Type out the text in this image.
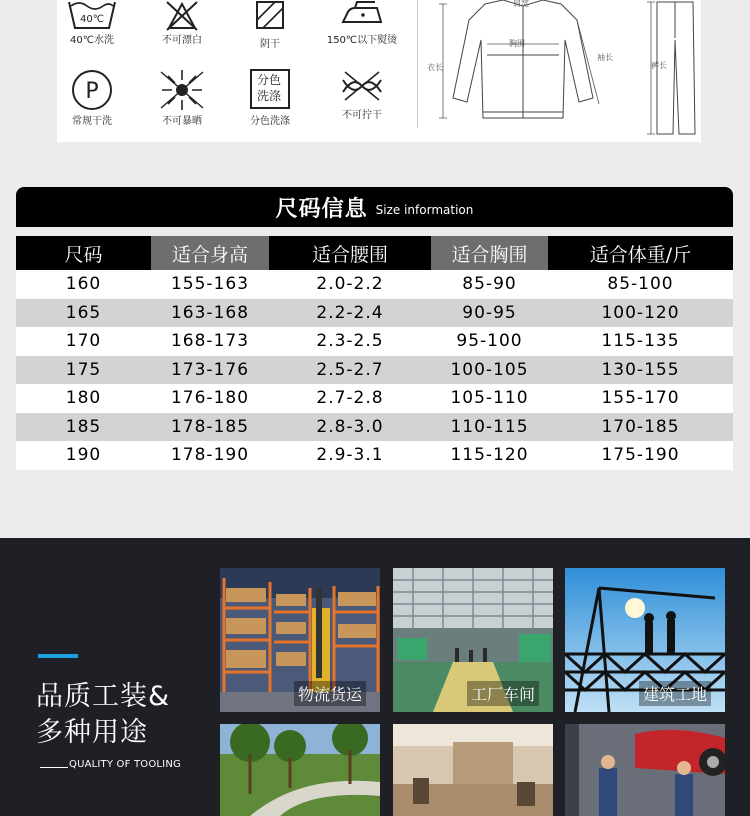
40℃
40℃水洗	不可漂白	阴干	150℃以下熨烫
P
常规干洗	不可暴晒
分色洗涤
分色洗涤
不可拧干
胸围
衣长
袖长
肩宽
裤长
尺码信息 Size information
尺码	适合身高	适合腰围	适合胸围	适合体重/斤
160	155-163	2.0-2.2	85-90	85-100
165	163-168	2.2-2.4	90-95	100-120
170	168-173	2.3-2.5	95-100	115-135
175	173-176	2.5-2.7	100-105	130-155
180	176-180	2.7-2.8	105-110	155-170
185	178-185	2.8-3.0	110-115	170-185
190	178-190	2.9-3.1	115-120	175-190
品质工装&
多种用途
QUALITY OF TOOLING
物流货运	工厂车间	建筑工地
